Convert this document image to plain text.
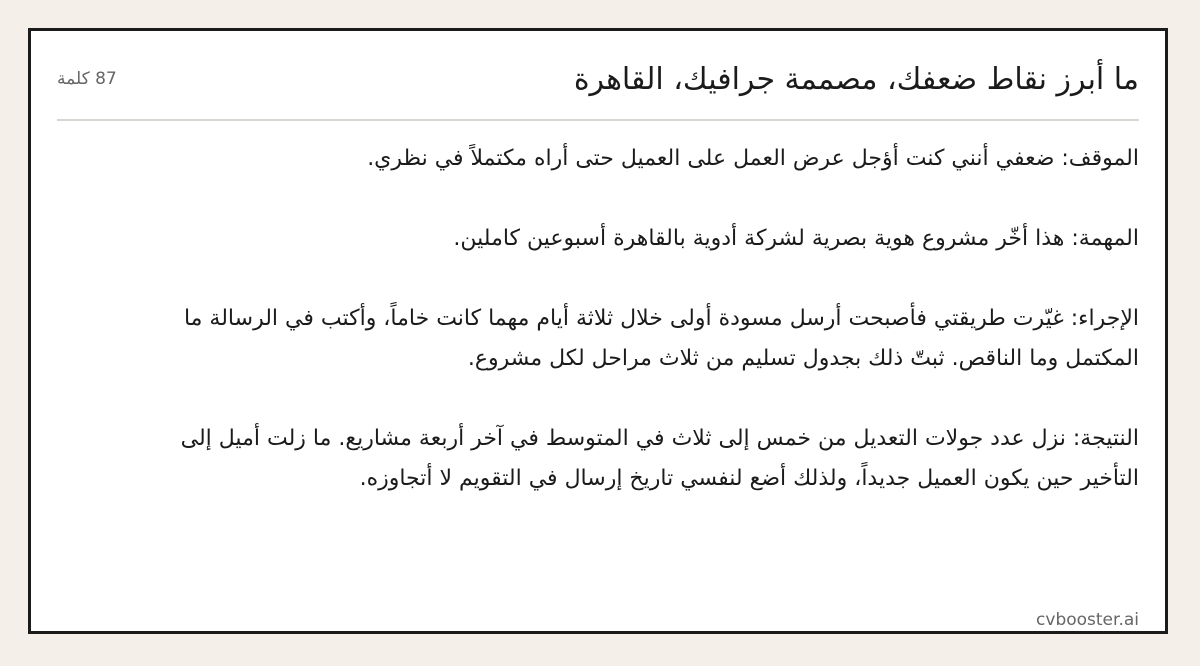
ما أبرز نقاط ضعفك، مصممة جرافيك، القاهرة
87 كلمة

الموقف: ضعفي أنني كنت أؤجل عرض العمل على العميل حتى أراه مكتملاً في نظري.

المهمة: هذا أخّر مشروع هوية بصرية لشركة أدوية بالقاهرة أسبوعين كاملين.

الإجراء: غيّرت طريقتي فأصبحت أرسل مسودة أولى خلال ثلاثة أيام مهما كانت خاماً، وأكتب في الرسالة ما المكتمل وما الناقص. ثبتّ ذلك بجدول تسليم من ثلاث مراحل لكل مشروع.

النتيجة: نزل عدد جولات التعديل من خمس إلى ثلاث في المتوسط في آخر أربعة مشاريع. ما زلت أميل إلى التأخير حين يكون العميل جديداً، ولذلك أضع لنفسي تاريخ إرسال في التقويم لا أتجاوزه.

cvbooster.ai
